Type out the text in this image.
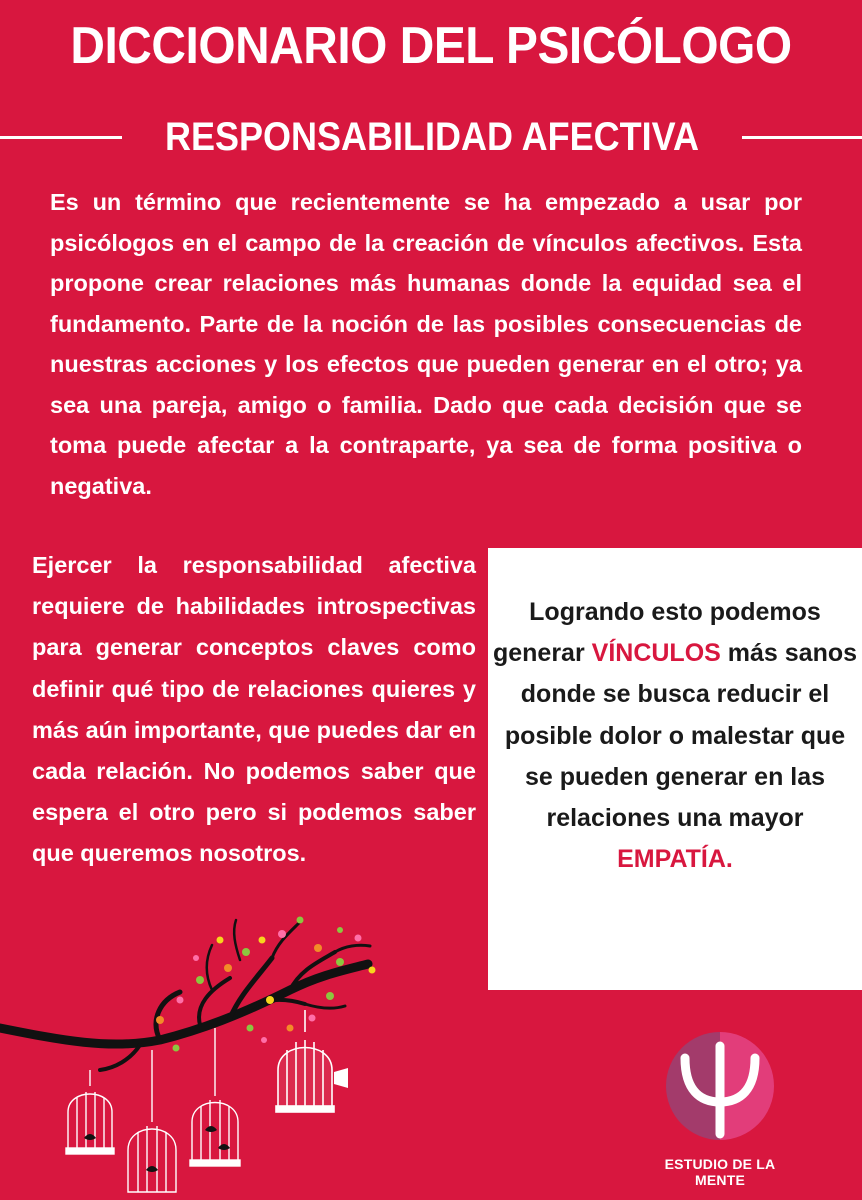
DICCIONARIO DEL PSICÓLOGO
RESPONSABILIDAD AFECTIVA

Es un término que recientemente se ha empezado a usar por psicólogos en el campo de la creación de vínculos afectivos. Esta propone crear relaciones más humanas donde la equidad sea el fundamento. Parte de la noción de las posibles consecuencias de nuestras acciones y los efectos que pueden generar en el otro; ya sea una pareja, amigo o familia. Dado que cada decisión que se toma puede afectar a la contraparte, ya sea de forma positiva o negativa.

Ejercer la responsabilidad afectiva requiere de habilidades introspectivas para generar conceptos claves como definir qué tipo de relaciones quieres y más aún importante, que puedes dar en cada relación. No podemos saber que espera el otro pero si podemos saber que queremos nosotros.

Logrando esto podemos generar VÍNCULOS más sanos donde se busca reducir el posible dolor o malestar que se pueden generar en las relaciones una mayor EMPATÍA.

ESTUDIO DE LA MENTE
